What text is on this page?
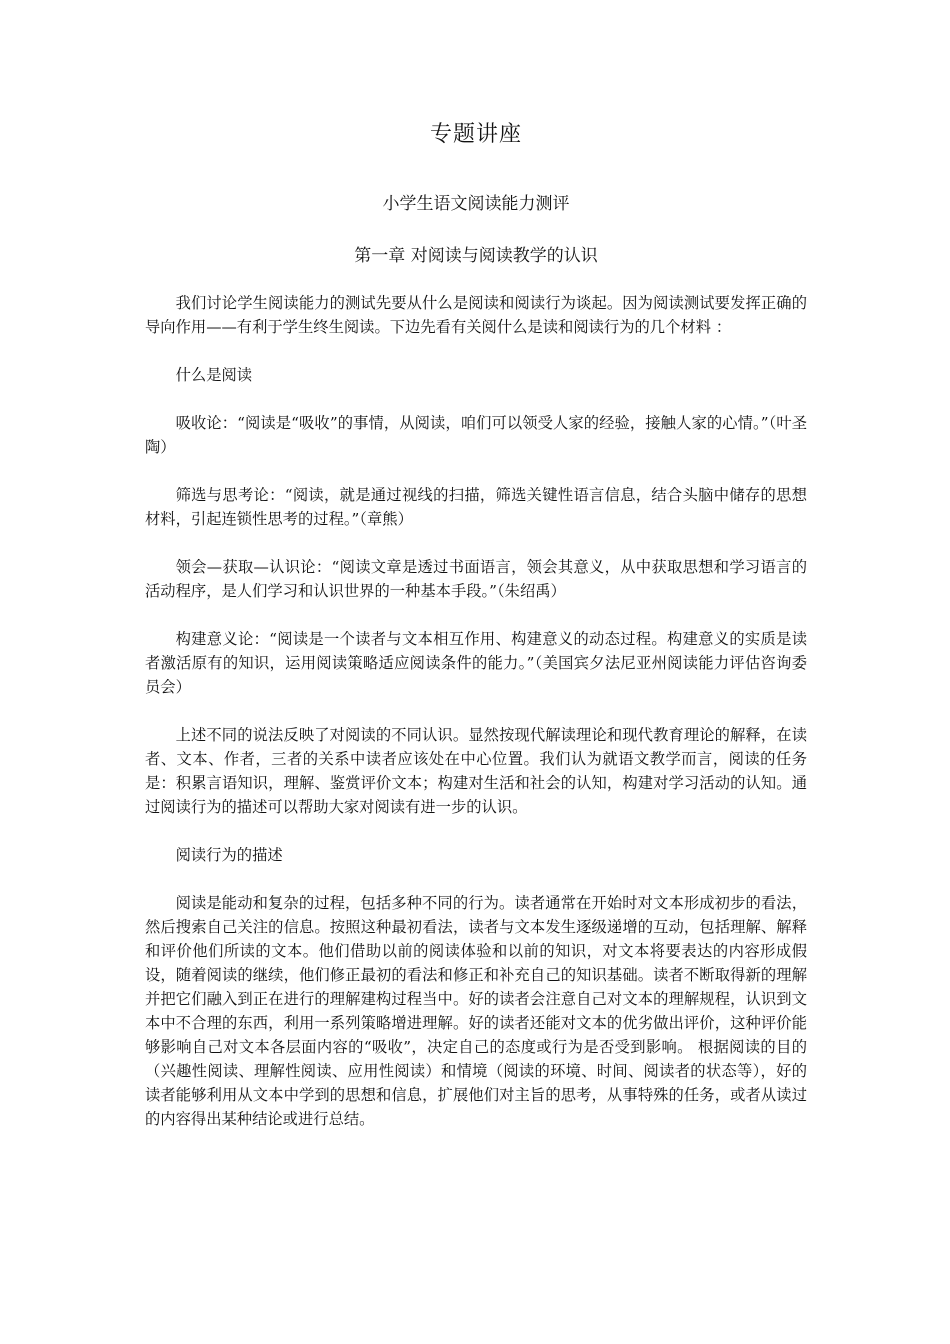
专题讲座
小学生语文阅读能力测评
第一章 对阅读与阅读教学的认识

我们讨论学生阅读能力的测试先要从什么是阅读和阅读行为谈起。因为阅读测试要发挥正确的导向作用——有利于学生终生阅读。下边先看有关阅什么是读和阅读行为的几个材料 ：

什么是阅读

吸收论：“阅读是“吸收”的事情，从阅读，咱们可以领受人家的经验，接触人家的心情。”（叶圣陶）

筛选与思考论：“阅读，就是通过视线的扫描，筛选关键性语言信息，结合头脑中储存的思想材料，引起连锁性思考的过程。”（章熊）

领会—获取—认识论：“阅读文章是透过书面语言，领会其意义，从中获取思想和学习语言的活动程序，是人们学习和认识世界的一种基本手段。”（朱绍禹）

构建意义论：“阅读是一个读者与文本相互作用、构建意义的动态过程。构建意义的实质是读者激活原有的知识，运用阅读策略适应阅读条件的能力。”（美国宾夕法尼亚州阅读能力评估咨询委员会）

上述不同的说法反映了对阅读的不同认识。显然按现代解读理论和现代教育理论的解释，在读者、文本、作者，三者的关系中读者应该处在中心位置。我们认为就语文教学而言，阅读的任务是：积累言语知识，理解、鉴赏评价文本；构建对生活和社会的认知，构建对学习活动的认知。通过阅读行为的描述可以帮助大家对阅读有进一步的认识。

阅读行为的描述

阅读是能动和复杂的过程，包括多种不同的行为。读者通常在开始时对文本形成初步的看法，然后搜索自己关注的信息。按照这种最初看法，读者与文本发生逐级递增的互动，包括理解、解释和评价他们所读的文本。他们借助以前的阅读体验和以前的知识，对文本将要表达的内容形成假设，随着阅读的继续，他们修正最初的看法和修正和补充自己的知识基础。读者不断取得新的理解并把它们融入到正在进行的理解建构过程当中。好的读者会注意自己对文本的理解规程，认识到文本中不合理的东西，利用一系列策略增进理解。好的读者还能对文本的优劣做出评价，这种评价能够影响自己对文本各层面内容的“吸收”，决定自己的态度或行为是否受到影响。 根据阅读的目的（兴趣性阅读、理解性阅读、应用性阅读）和情境（阅读的环境、时间、阅读者的状态等），好的读者能够利用从文本中学到的思想和信息，扩展他们对主旨的思考，从事特殊的任务，或者从读过的内容得出某种结论或进行总结。
